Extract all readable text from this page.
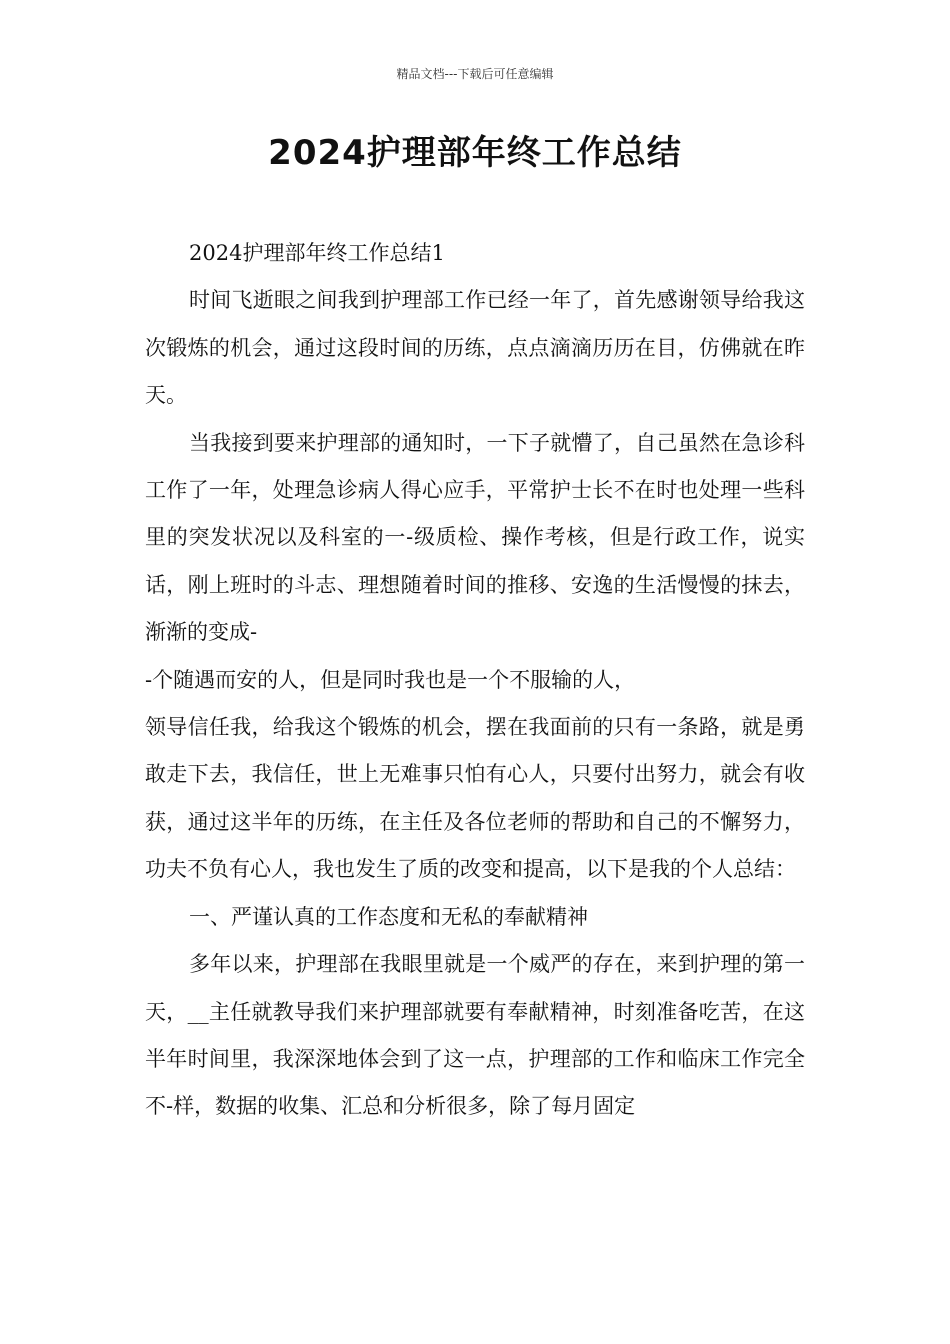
精品文档---下载后可任意编辑
2024护理部年终工作总结

2024护理部年终工作总结1

时间飞逝眼之间我到护理部工作已经一年了，首先感谢领导给我这次锻炼的机会，通过这段时间的历练，点点滴滴历历在目，仿佛就在昨天。

当我接到要来护理部的通知时，一下子就懵了，自己虽然在急诊科工作了一年，处理急诊病人得心应手，平常护士长不在时也处理一些科里的突发状况以及科室的一-级质检、操作考核，但是行政工作，说实话，刚上班时的斗志、理想随着时间的推移、安逸的生活慢慢的抹去，渐渐的变成-

-个随遇而安的人，但是同时我也是一个不服输的人，

领导信任我，给我这个锻炼的机会，摆在我面前的只有一条路，就是勇敢走下去，我信任，世上无难事只怕有心人，只要付出努力，就会有收获，通过这半年的历练，在主任及各位老师的帮助和自己的不懈努力，功夫不负有心人，我也发生了质的改变和提高，以下是我的个人总结：

一、严谨认真的工作态度和无私的奉献精神

多年以来，护理部在我眼里就是一个威严的存在，来到护理的第一天，__主任就教导我们来护理部就要有奉献精神，时刻准备吃苦，在这半年时间里，我深深地体会到了这一点，护理部的工作和临床工作完全不-样，数据的收集、汇总和分析很多，除了每月固定
